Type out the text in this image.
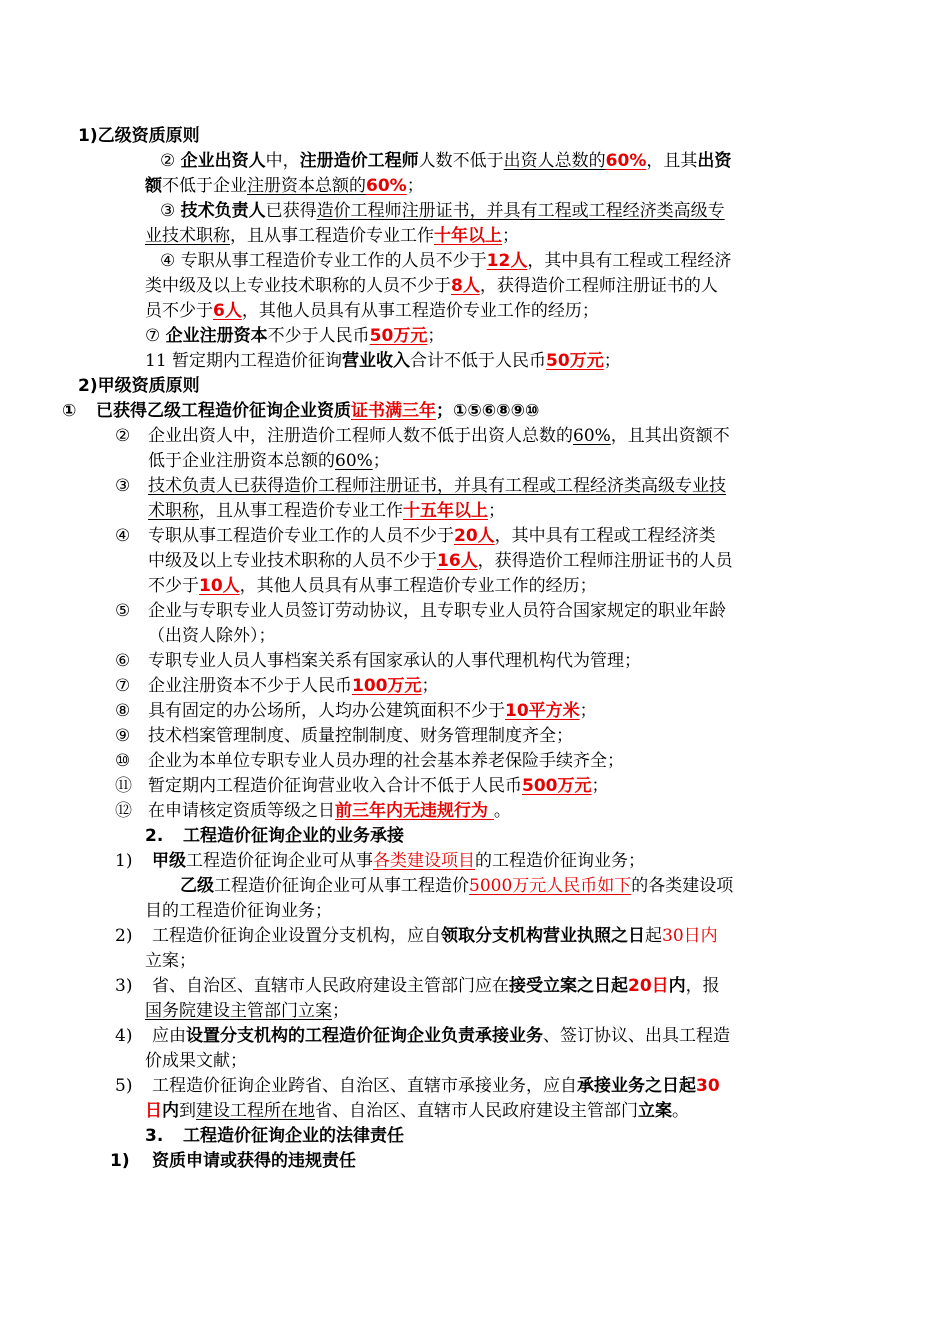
1)乙级资质原则
② 企业出资人中，注册造价工程师人数不低于出资人总数的60%，且其出资
额不低于企业注册资本总额的60%；
③ 技术负责人已获得造价工程师注册证书，并具有工程或工程经济类高级专
业技术职称，且从事工程造价专业工作十年以上；
④ 专职从事工程造价专业工作的人员不少于12人，其中具有工程或工程经济
类中级及以上专业技术职称的人员不少于8人，获得造价工程师注册证书的人
员不少于6人，其他人员具有从事工程造价专业工作的经历；
⑦ 企业注册资本不少于人民币50万元；
11 暂定期内工程造价征询营业收入合计不低于人民币50万元；
2)甲级资质原则
① 已获得乙级工程造价征询企业资质证书满三年；①⑤⑥⑧⑨⑩
② 企业出资人中，注册造价工程师人数不低于出资人总数的60%，且其出资额不
低于企业注册资本总额的60%；
③ 技术负责人已获得造价工程师注册证书，并具有工程或工程经济类高级专业技
术职称，且从事工程造价专业工作十五年以上；
④ 专职从事工程造价专业工作的人员不少于20人，其中具有工程或工程经济类
中级及以上专业技术职称的人员不少于16人，获得造价工程师注册证书的人员
不少于10人，其他人员具有从事工程造价专业工作的经历；
⑤ 企业与专职专业人员签订劳动协议，且专职专业人员符合国家规定的职业年龄
（出资人除外）；
⑥ 专职专业人员人事档案关系有国家承认的人事代理机构代为管理；
⑦ 企业注册资本不少于人民币100万元；
⑧ 具有固定的办公场所，人均办公建筑面积不少于10平方米；
⑨ 技术档案管理制度、质量控制制度、财务管理制度齐全；
⑩ 企业为本单位专职专业人员办理的社会基本养老保险手续齐全；
⑪ 暂定期内工程造价征询营业收入合计不低于人民币500万元；
⑫ 在申请核定资质等级之日前三年内无违规行为 。
2. 工程造价征询企业的业务承接
1) 甲级工程造价征询企业可从事各类建设项目的工程造价征询业务；
乙级工程造价征询企业可从事工程造价5000万元人民币如下的各类建设项
目的工程造价征询业务；
2) 工程造价征询企业设置分支机构，应自领取分支机构营业执照之日起30日内
立案；
3) 省、自治区、直辖市人民政府建设主管部门应在接受立案之日起20日内，报
国务院建设主管部门立案；
4) 应由设置分支机构的工程造价征询企业负责承接业务、签订协议、出具工程造
价成果文献；
5) 工程造价征询企业跨省、自治区、直辖市承接业务，应自承接业务之日起30
日内到建设工程所在地省、自治区、直辖市人民政府建设主管部门立案。
3. 工程造价征询企业的法律责任
1) 资质申请或获得的违规责任
